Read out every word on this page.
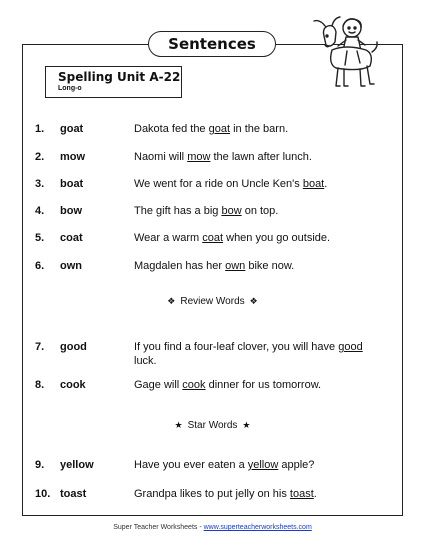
Sentences
Spelling Unit A-22
Long-o
1. goat	Dakota fed the goat in the barn.
2. mow	Naomi will mow the lawn after lunch.
3. boat	We went for a ride on Uncle Ken's boat.
4. bow	The gift has a big bow on top.
5. coat	Wear a warm coat when you go outside.
6. own	Magdalen has her own bike now.
7. good	If you find a four-leaf clover, you will have good luck.
8. cook	Gage will cook dinner for us tomorrow.
9. yellow	Have you ever eaten a yellow apple?
10. toast	Grandpa likes to put jelly on his toast.
❖ Review Words ❖
★ Star Words ★
Super Teacher Worksheets - www.superteacherworksheets.com
